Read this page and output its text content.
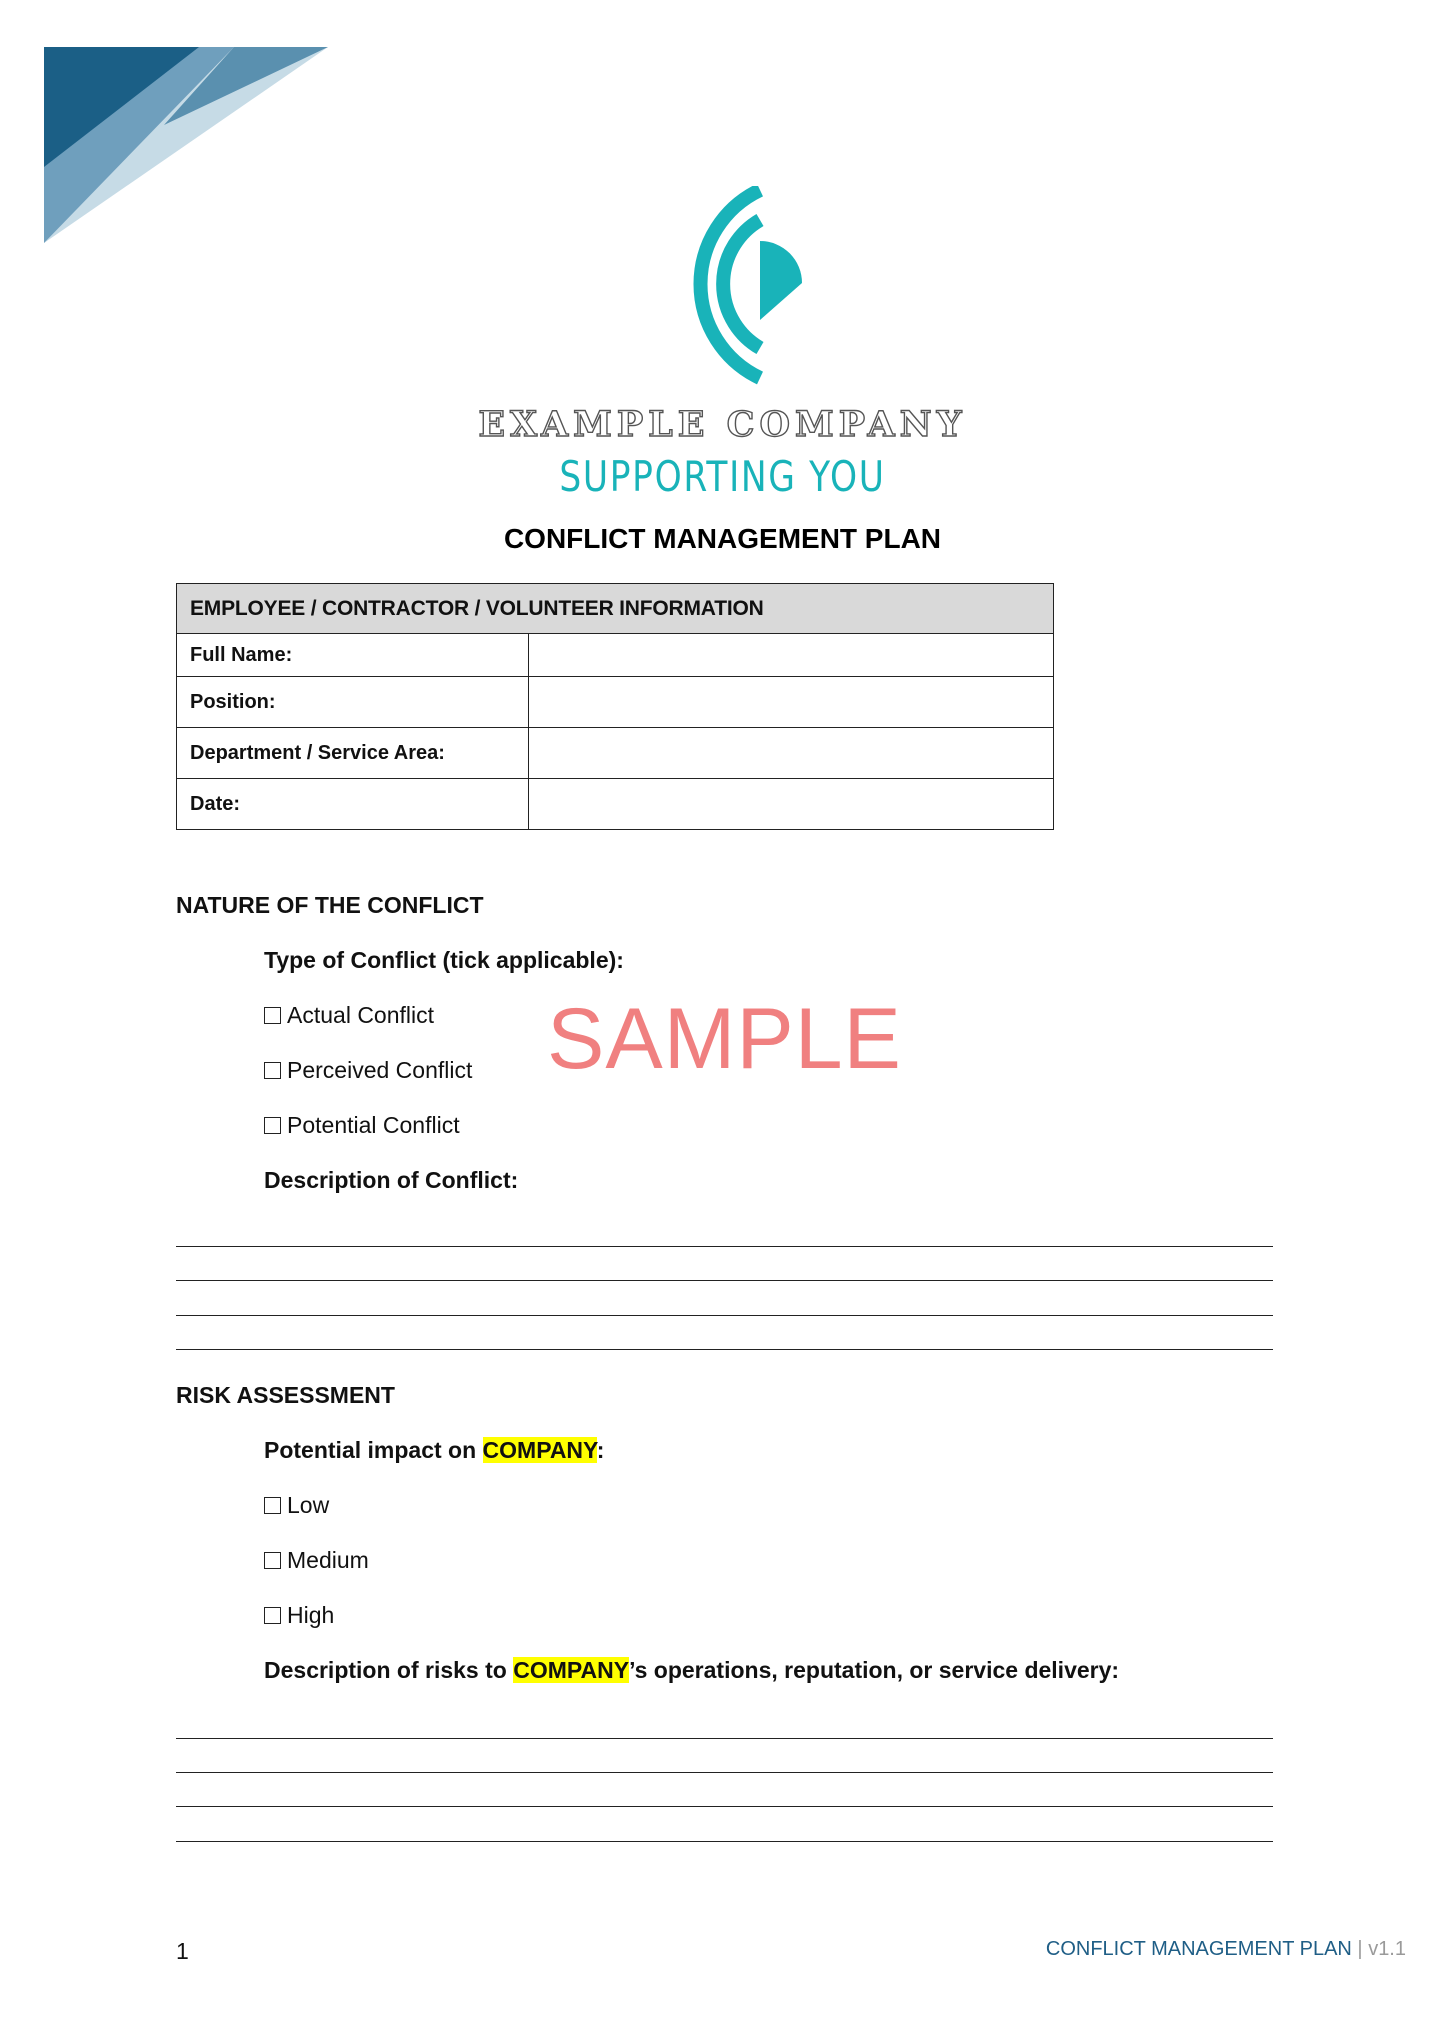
EXAMPLE COMPANY
SUPPORTING YOU
CONFLICT MANAGEMENT PLAN
EMPLOYEE / CONTRACTOR / VOLUNTEER INFORMATION	
Full Name:	
Position:	
Department / Service Area:	
Date:	
NATURE OF THE CONFLICT
Type of Conflict (tick applicable):
Actual Conflict
Perceived Conflict
Potential Conflict
Description of Conflict:
RISK ASSESSMENT
Potential impact on COMPANY:
Low
Medium
High
Description of risks to COMPANY’s operations, reputation, or service delivery:
SAMPLE
1	CONFLICT MANAGEMENT PLAN | v1.1
